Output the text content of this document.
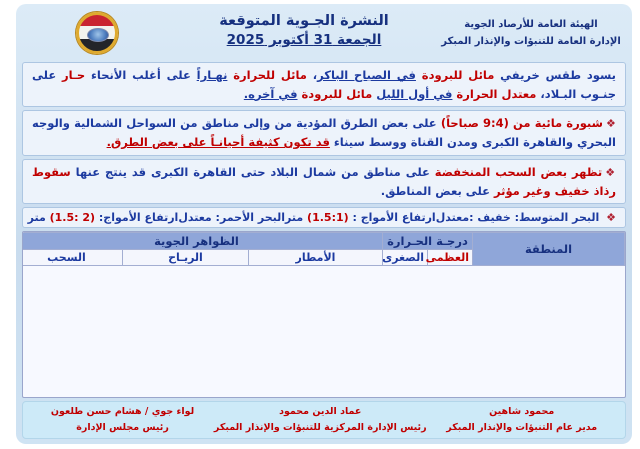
الهيئة العامة للأرصاد الجوية
الإدارة العامة للتنبؤات والإنذار المبكر
النشرة الجـوية المتوقعة
الجمعة 31 أكتوبر 2025
يسود طقس خريفي مائل للبرودة في الصباح الباكر، مائل للحرارة نهـاراً على أغلب الأنحاء حـار على جنـوب البـلاد، معتدل الحرارة في أول الليل مائل للبرودة في آخره.
❖شبورة مائية من (9:4 صباحاً) على بعض الطرق المؤدية من وإلى مناطق من السواحل الشمالية والوجه البحري والقاهرة الكبرى ومدن القناة ووسط سيناء قد تكون كثيفة أحيانـاً على بعض الطرق.
❖تظهر بعض السحب المنخفضة على مناطق من شمال البلاد حتى القاهرة الكبرى قد ينتج عنها سقوط رذاذ خفيف وغير مؤثر على بعض المناطق.
❖ البحر المتوسط: خفيف :معتدل
ارتفاع الأمواج : (1.5:1) متر
البحر الأحمر: معتدل
ارتفاع الأمواج: (2 :1.5) متر
المنطقة	درجـة الحـرارة		الظواهر الجوية		
	العظمى	الصغرى	الأمطار	الريـاح	السحب
محمود شاهين
مدير عام التنبؤات والإنذار المبكر
عماد الدين محمود
رئيس الإدارة المركزية للتنبؤات والإنذار المبكر
لواء جوي / هشام حسن طلعون
رئيس مجلس الإدارة
